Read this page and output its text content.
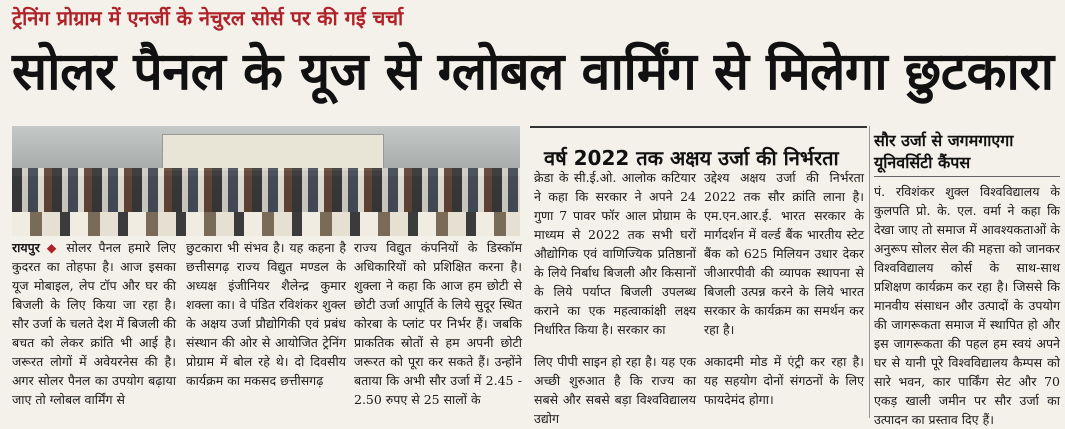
ट्रेनिंग प्रोग्राम में एनर्जी के नेचुरल सोर्स पर की गई चर्चा
सोलर पैनल के यूज से ग्लोबल वार्मिंग से मिलेगा छुटकारा
रायपुर ◆ सोलर पैनल हमारे लिए कुदरत का तोहफा है। आज इसका यूज मोबाइल, लेप टॉप और घर की बिजली के लिए किया जा रहा है। सौर उर्जा के चलते देश में बिजली की बचत को लेकर क्रांति भी आई है। जरूरत लोगों में अवेयरनेस की है। अगर सोलर पैनल का उपयोग बढ़ाया जाए तो ग्लोबल वार्मिंग से
छुटकारा भी संभव है। यह कहना है छत्तीसगढ़ राज्य विद्युत मण्डल के अध्यक्ष इंजीनियर शैलेन्द्र कुमार शक्ला का। वे पंडित रविशंकर शुक्ल के अक्षय उर्जा प्रौद्योगिकी एवं प्रबंध संस्थान की ओर से आयोजित ट्रेनिंग प्रोग्राम में बोल रहे थे। दो दिवसीय कार्यक्रम का मकसद छत्तीसगढ़
राज्य विद्युत कंपनियों के डिस्कॉम अधिकारियों को प्रशिक्षित करना है। शुक्ला ने कहा कि आज हम छोटी से छोटी उर्जा आपूर्ति के लिये सुदूर स्थित कोरबा के प्लांट पर निर्भर हैं। जबकि प्राकतिक स्रोतों से हम अपनी छोटी जरूरत को पूरा कर सकते हैं। उन्होंने बताया कि अभी सौर उर्जा में 2.45 - 2.50 रुपए से 25 सालों के
वर्ष 2022 तक अक्षय उर्जा की निर्भरता
क्रेडा के सी.ई.ओ. आलोक कटियार ने कहा कि सरकार ने अपने 24 गुणा 7 पावर फॉर आल प्रोग्राम के माध्यम से 2022 तक सभी घरों औद्योगिक एवं वाणिज्यिक प्रतिष्ठानों के लिये निर्बाध बिजली और किसानों के लिये पर्याप्त बिजली उपलब्ध कराने का एक महत्वाकांक्षी लक्ष्य निर्धारित किया है। सरकार का
उद्देश्य अक्षय उर्जा की निर्भरता 2022 तक सौर क्रांति लाना है। एम.एन.आर.ई. भारत सरकार के मार्गदर्शन में वर्ल्ड बैंक भारतीय स्टेट बैंक को 625 मिलियन उधार देकर जीआरपीवी की व्यापक स्थापना से बिजली उत्पन्न करने के लिये भारत सरकार के कार्यक्रम का समर्थन कर रहा है।
लिए पीपी साइन हो रहा है। यह एक अच्छी शुरुआत है कि राज्य का सबसे और सबसे बड़ा विश्वविद्यालय उद्योग
अकादमी मोड में एंट्री कर रहा है। यह सहयोग दोनों संगठनों के लिए फायदेमंद होगा।
सौर उर्जा से जगमगाएगा यूनिवर्सिटी कैंपस
पं. रविशंकर शुक्ल विश्वविद्यालय के कुलपति प्रो. के. एल. वर्मा ने कहा कि देखा जाए तो समाज में आवश्यकताओं के अनुरूप सोलर सेल की महत्ता को जानकर विश्वविद्यालय कोर्स के साथ-साथ प्रशिक्षण कार्यक्रम कर रहा है। जिससे कि मानवीय संसाधन और उत्पादों के उपयोग की जागरूकता समाज में स्थापित हो और इस जागरूकता की पहल हम स्वयं अपने घर से यानी पूरे विश्वविद्यालय कैम्पस को सारे भवन, कार पार्किंग सेट और 70 एकड़ खाली जमीन पर सौर उर्जा का उत्पादन का प्रस्ताव दिए हैं।
